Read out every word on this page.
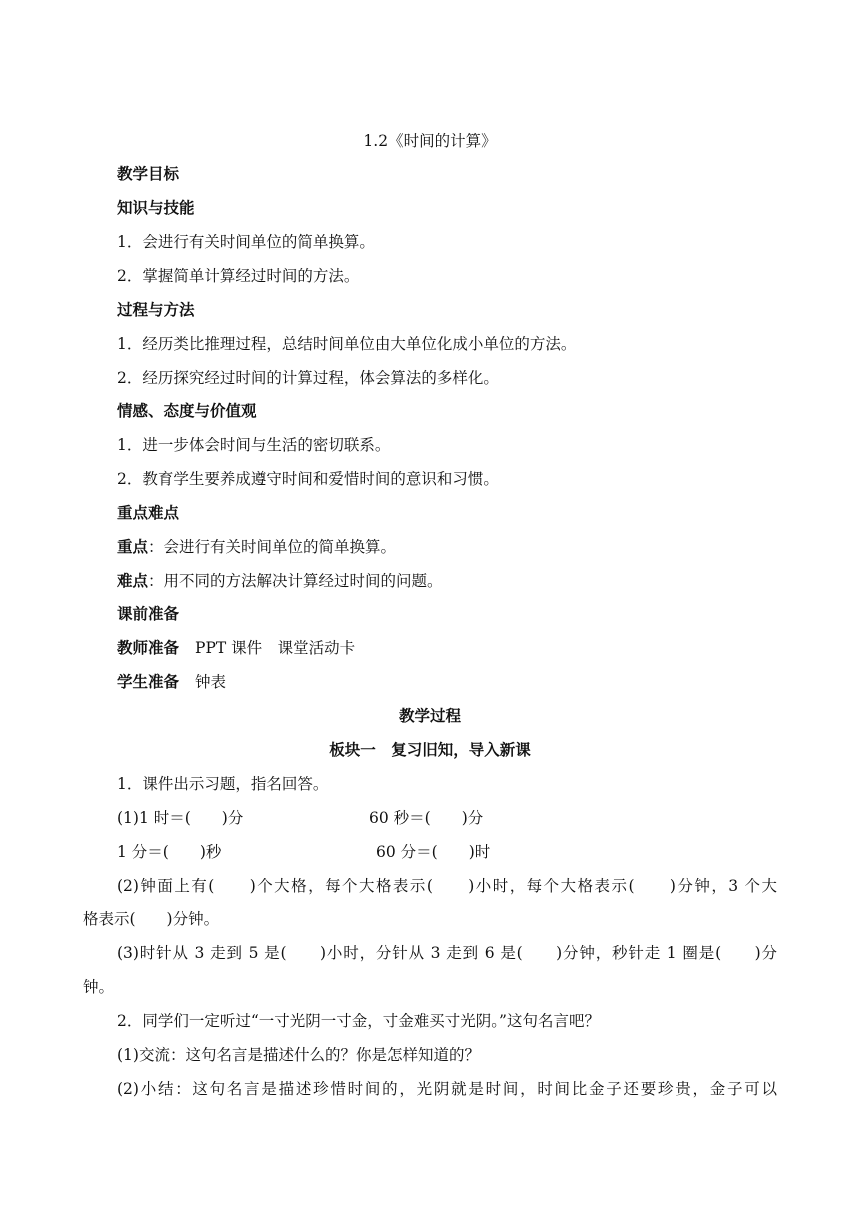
1.2《时间的计算》
教学目标
知识与技能
1．会进行有关时间单位的简单换算。
2．掌握简单计算经过时间的方法。
过程与方法
1．经历类比推理过程，总结时间单位由大单位化成小单位的方法。
2．经历探究经过时间的计算过程，体会算法的多样化。
情感、态度与价值观
1．进一步体会时间与生活的密切联系。
2．教育学生要养成遵守时间和爱惜时间的意识和习惯。
重点难点
重点：会进行有关时间单位的简单换算。
难点：用不同的方法解决计算经过时间的问题。
课前准备
教师准备 PPT 课件　课堂活动卡
学生准备 钟表
教学过程
板块一　复习旧知，导入新课
1．课件出示习题，指名回答。
(1)1 时＝(　　)分	60 秒＝(　　)分
1 分＝(　　)秒	60 分＝(　　)时
(2)钟面上有(　　)个大格，每个大格表示(　　)小时，每个大格表示(　　)分钟，3 个大
格表示(　　)分钟。
(3)时针从 3 走到 5 是(　　)小时，分针从 3 走到 6 是(　　)分钟，秒针走 1 圈是(　　)分
钟。
2．同学们一定听过“一寸光阴一寸金，寸金难买寸光阴。”这句名言吧？
(1)交流：这句名言是描述什么的？你是怎样知道的？
(2)小结：这句名言是描述珍惜时间的，光阴就是时间，时间比金子还要珍贵，金子可以
